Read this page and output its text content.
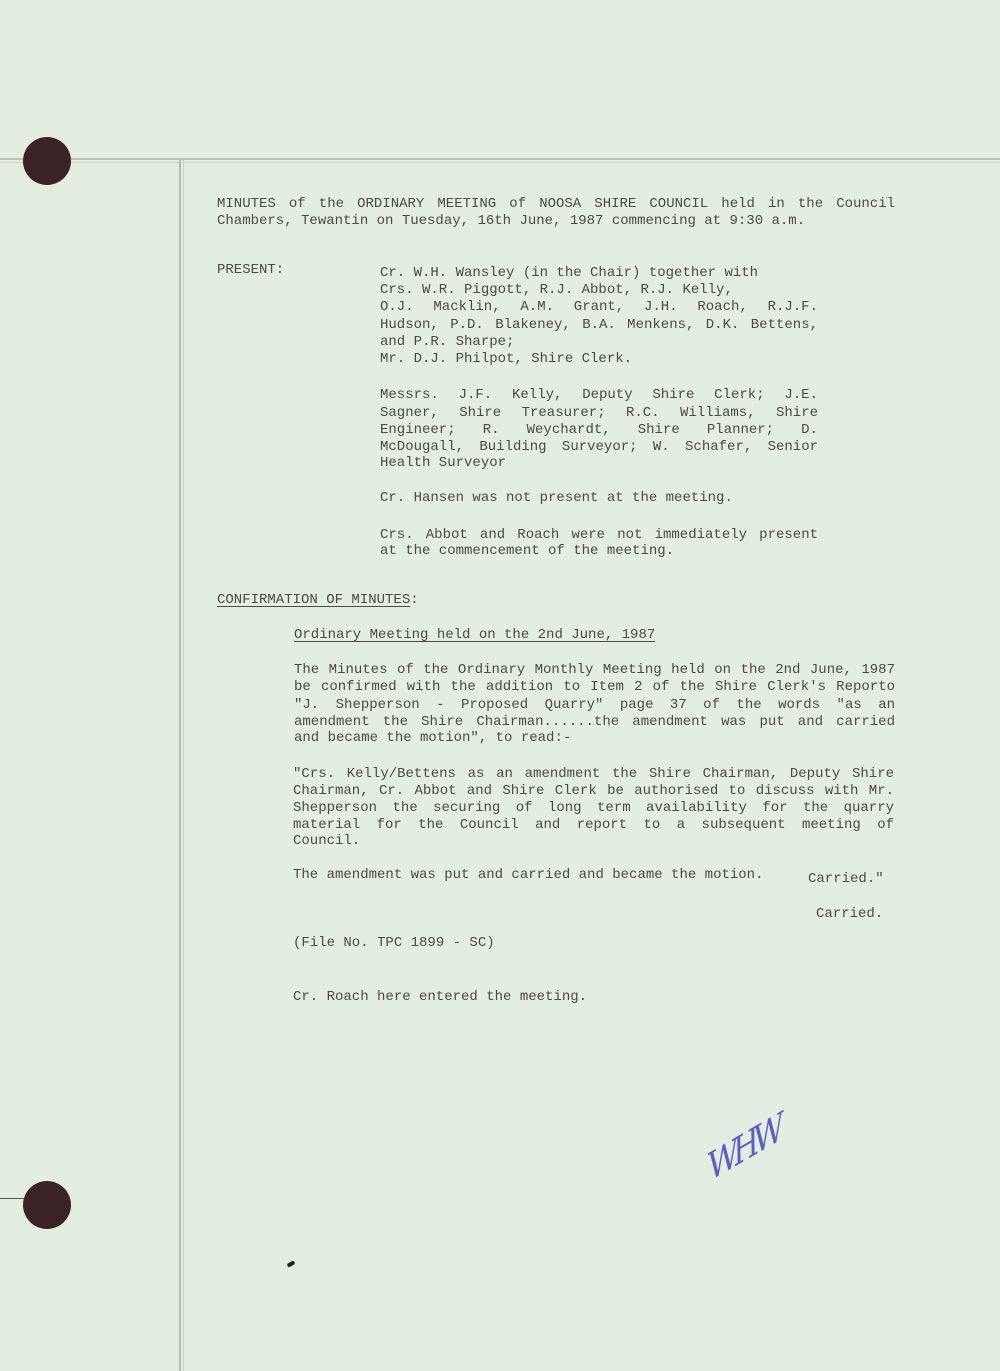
MINUTES of the ORDINARY MEETING of NOOSA SHIRE COUNCIL held in the Council
Chambers, Tewantin on Tuesday, 16th June, 1987 commencing at 9:30 a.m.
PRESENT:	Cr. W.H. Wansley (in the Chair) together with
Crs. W.R. Piggott, R.J. Abbot, R.J. Kelly,
O.J. Macklin, A.M. Grant, J.H. Roach, R.J.F.
Hudson, P.D. Blakeney, B.A. Menkens, D.K. Bettens,
and P.R. Sharpe;
Mr. D.J. Philpot, Shire Clerk.
Messrs. J.F. Kelly, Deputy Shire Clerk; J.E.
Sagner, Shire Treasurer; R.C. Williams, Shire
Engineer; R. Weychardt, Shire Planner; D.
McDougall, Building Surveyor; W. Schafer, Senior
Health Surveyor
Cr. Hansen was not present at the meeting.
Crs. Abbot and Roach were not immediately present
at the commencement of the meeting.
CONFIRMATION OF MINUTES:
Ordinary Meeting held on the 2nd June, 1987
The Minutes of the Ordinary Monthly Meeting held on the 2nd June, 1987
be confirmed with the addition to Item 2 of the Shire Clerk's Reporto
"J. Shepperson - Proposed Quarry" page 37 of the words "as an
amendment the Shire Chairman......the amendment was put and carried
and became the motion", to read:-
"Crs. Kelly/Bettens as an amendment the Shire Chairman, Deputy Shire
Chairman, Cr. Abbot and Shire Clerk be authorised to discuss with Mr.
Shepperson the securing of long term availability for the quarry
material for the Council and report to a subsequent meeting of
Council.
The amendment was put and carried and became the motion.	Carried."
Carried.
(File No. TPC 1899 - SC)
Cr. Roach here entered the meeting.
WHW
